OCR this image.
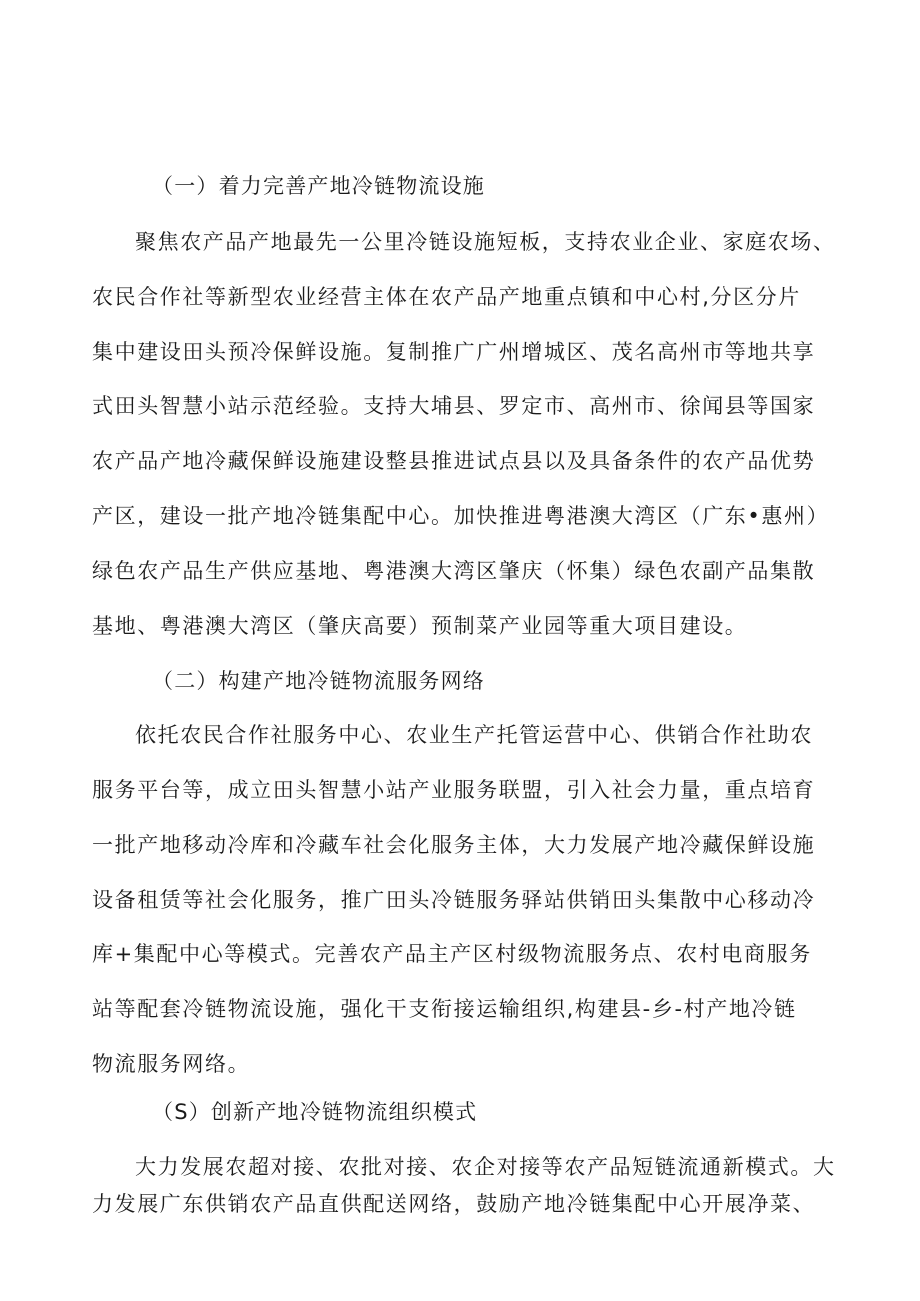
（一）着力完善产地冷链物流设施
聚焦农产品产地最先一公里冷链设施短板，支持农业企业、家庭农场、
农民合作社等新型农业经营主体在农产品产地重点镇和中心村,分区分片
集中建设田头预冷保鲜设施。复制推广广州增城区、茂名高州市等地共享
式田头智慧小站示范经验。支持大埔县、罗定市、高州市、徐闻县等国家
农产品产地冷藏保鲜设施建设整县推进试点县以及具备条件的农产品优势
产区，建设一批产地冷链集配中心。加快推进粤港澳大湾区（广东•惠州）
绿色农产品生产供应基地、粤港澳大湾区肇庆（怀集）绿色农副产品集散
基地、粤港澳大湾区（肇庆高要）预制菜产业园等重大项目建设。
（二）构建产地冷链物流服务网络
依托农民合作社服务中心、农业生产托管运营中心、供销合作社助农
服务平台等，成立田头智慧小站产业服务联盟，引入社会力量，重点培育
一批产地移动冷库和冷藏车社会化服务主体，大力发展产地冷藏保鲜设施
设备租赁等社会化服务，推广田头冷链服务驿站供销田头集散中心移动冷
库+集配中心等模式。完善农产品主产区村级物流服务点、农村电商服务
站等配套冷链物流设施，强化干支衔接运输组织,构建县-乡-村产地冷链
物流服务网络。
（S）创新产地冷链物流组织模式
大力发展农超对接、农批对接、农企对接等农产品短链流通新模式。大
力发展广东供销农产品直供配送网络，鼓励产地冷链集配中心开展净菜、
